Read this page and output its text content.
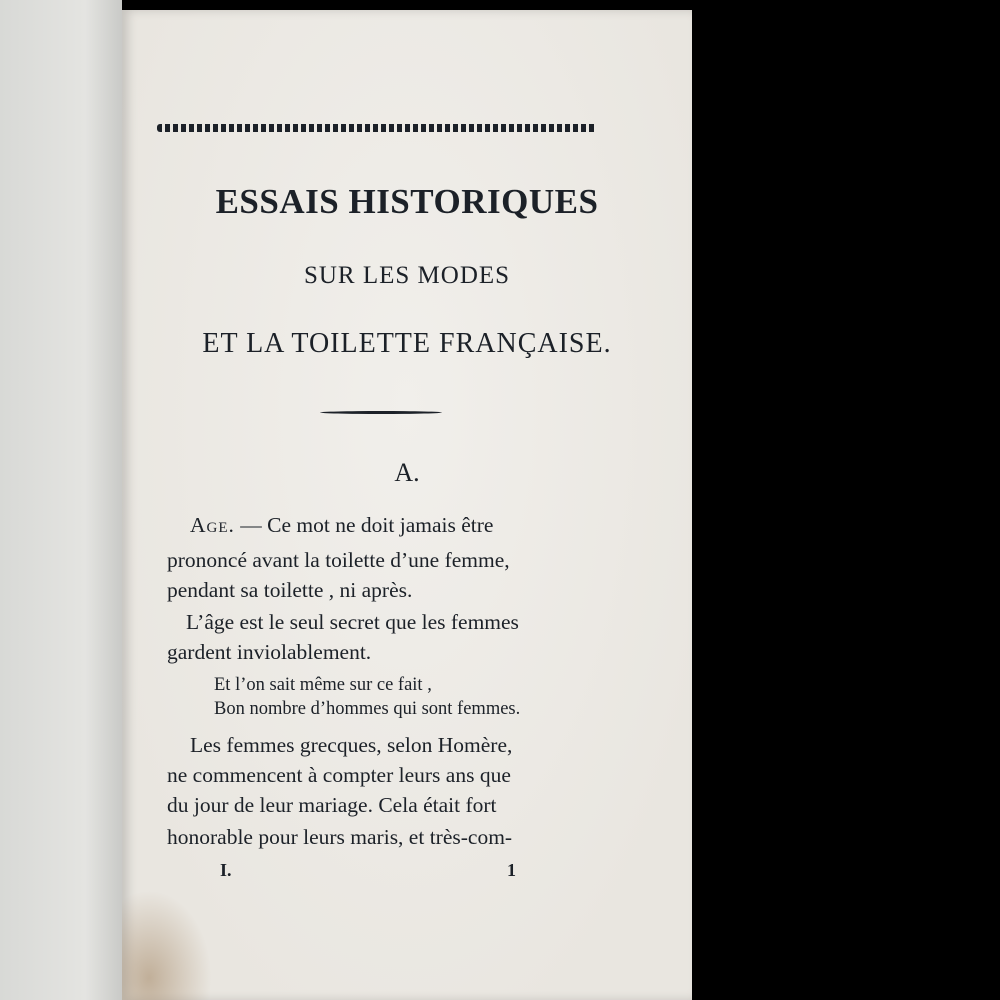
ESSAIS HISTORIQUES
SUR LES MODES
ET LA TOILETTE FRANÇAISE.
A.
Age. — Ce mot ne doit jamais être
prononcé avant la toilette d’une femme,
pendant sa toilette , ni après.
L’âge est le seul secret que les femmes
gardent inviolablement.
Et l’on sait même sur ce fait ,
Bon nombre d’hommes qui sont femmes.
Les femmes grecques, selon Homère,
ne commencent à compter leurs ans que
du jour de leur mariage. Cela était fort
honorable pour leurs maris, et très-com-
I.	1
